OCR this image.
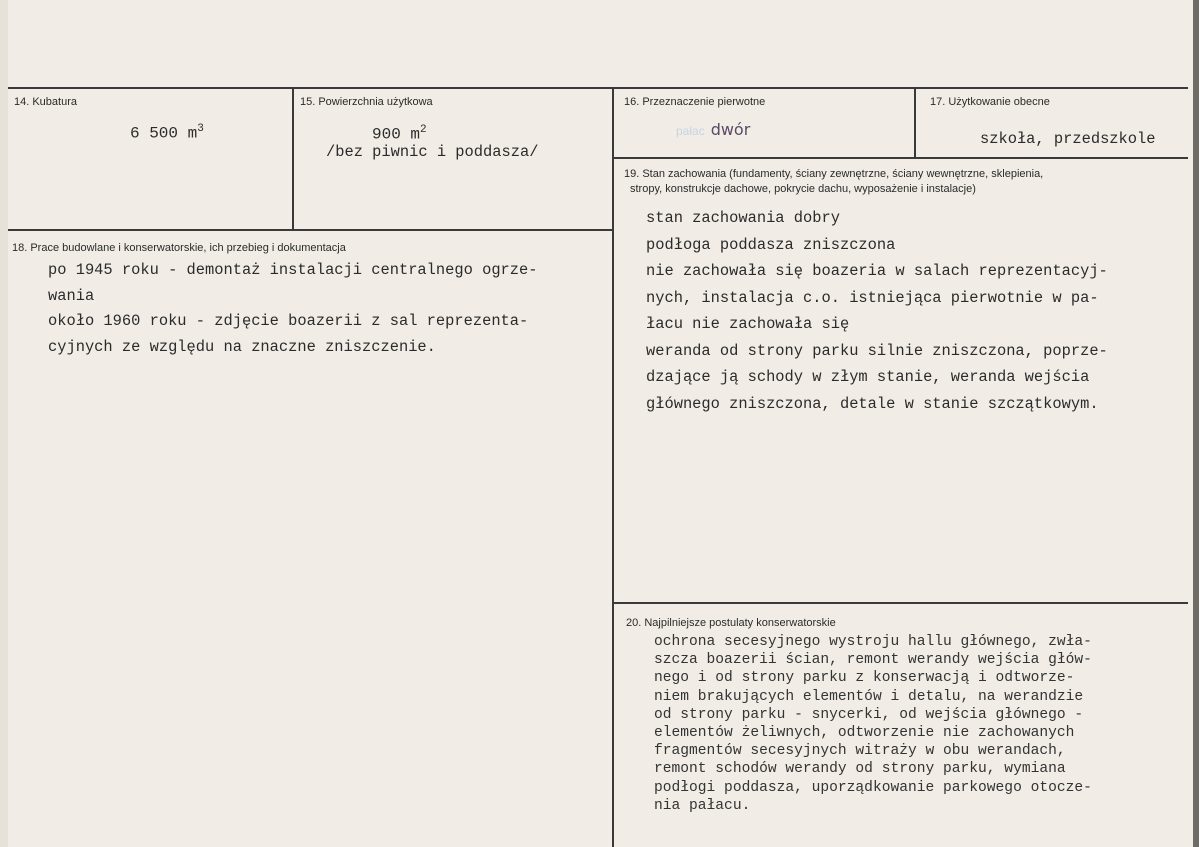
14. Kubatura
6 500 $m^3$
15. Powierzchnia użytkowa
900 $m^2$
/bez piwnic i poddasza/
16. Przeznaczenie pierwotne
pałac dwór
17. Użytkowanie obecne
szkoła, przedszkole
19. Stan zachowania (fundamenty, ściany zewnętrzne, ściany wewnętrzne, sklepienia,
stropy, konstrukcje dachowe, pokrycie dachu, wyposażenie i instalacje)
stan zachowania dobry
podłoga poddasza zniszczona
nie zachowała się boazeria w salach reprezentacyj-
nych, instalacja c.o. istniejąca pierwotnie w pa-
łacu nie zachowała się
weranda od strony parku silnie zniszczona, poprze-
dzające ją schody w złym stanie, weranda wejścia
głównego zniszczona, detale w stanie szczątkowym.
18. Prace budowlane i konserwatorskie, ich przebieg i dokumentacja
po 1945 roku - demontaż instalacji centralnego ogrze-
wania
około 1960 roku - zdjęcie boazerii z sal reprezenta-
cyjnych ze względu na znaczne zniszczenie.
20. Najpilniejsze postulaty konserwatorskie
ochrona secesyjnego wystroju hallu głównego, zwła-
szcza boazerii ścian, remont werandy wejścia głów-
nego i od strony parku z konserwacją i odtworze-
niem brakujących elementów i detalu, na werandzie
od strony parku - snycerki, od wejścia głównego -
elementów żeliwnych, odtworzenie nie zachowanych
fragmentów secesyjnych witraży w obu werandach,
remont schodów werandy od strony parku, wymiana
podłogi poddasza, uporządkowanie parkowego otocze-
nia pałacu.
